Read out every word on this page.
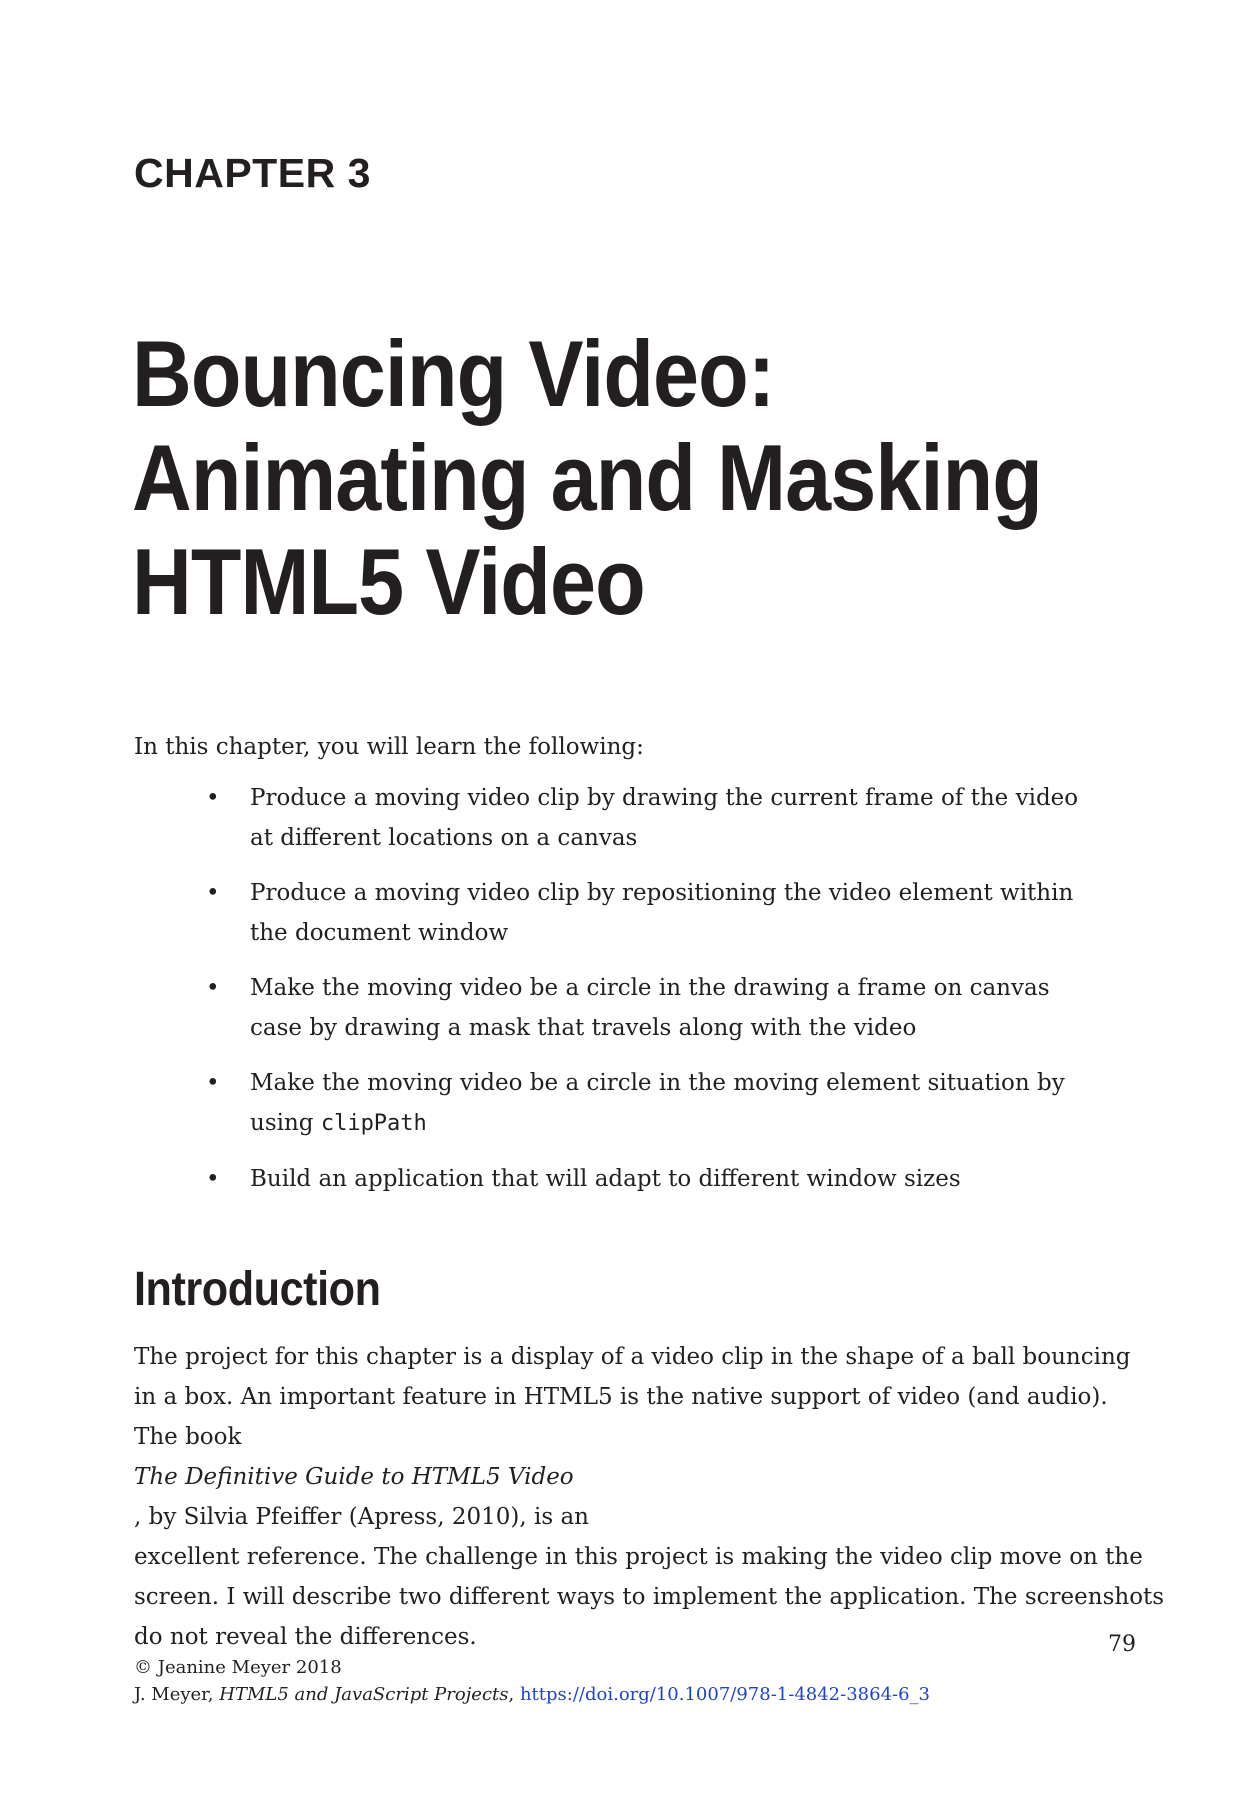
CHAPTER 3
Bouncing Video:
Animating and Masking
HTML5 Video

In this chapter, you will learn the following:

• Produce a moving video clip by drawing the current frame of the video at different locations on a canvas
• Produce a moving video clip by repositioning the video element within the document window
• Make the moving video be a circle in the drawing a frame on canvas case by drawing a mask that travels along with the video
• Make the moving video be a circle in the moving element situation by using clipPath
• Build an application that will adapt to different window sizes
Introduction
The project for this chapter is a display of a video clip in the shape of a ball bouncing
in a box. An important feature in HTML5 is the native support of video (and audio).
The book
The Definitive Guide to HTML5 Video
, by Silvia Pfeiffer (Apress, 2010), is an
excellent reference. The challenge in this project is making the video clip move on the
screen. I will describe two different ways to implement the application. The screenshots
do not reveal the differences.	79

© Jeanine Meyer 2018
J. Meyer, HTML5 and JavaScript Projects, https://doi.org/10.1007/978-1-4842-3864-6_3
